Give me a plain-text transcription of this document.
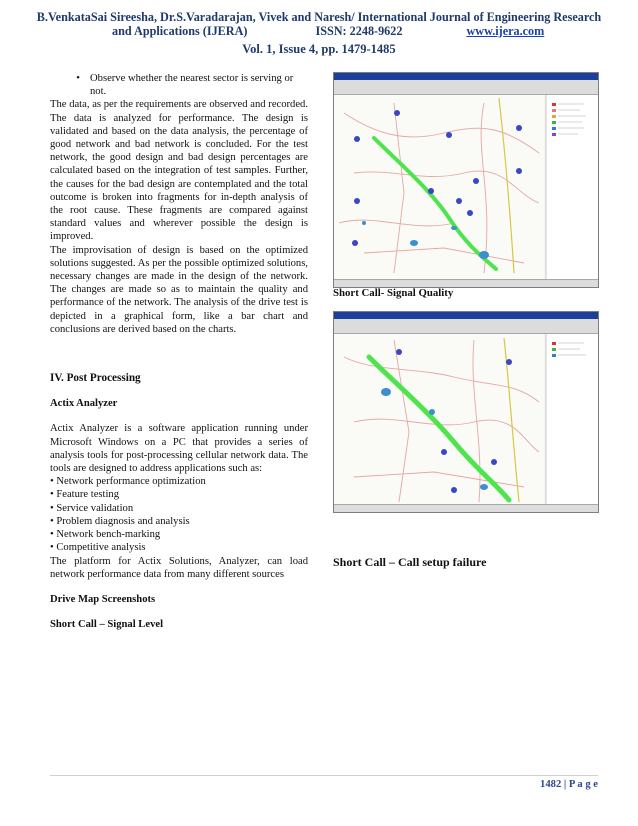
B.VenkataSai Sireesha, Dr.S.Varadarajan, Vivek and Naresh/ International Journal of Engineering Research
and Applications (IJERA)	ISSN: 2248-9622	www.ijera.com
Vol. 1, Issue 4, pp. 1479-1485
• Observe whether the nearest sector is serving or not.

The data, as per the requirements are observed and recorded. The data is analyzed for performance. The design is validated and based on the data analysis, the percentage of good network and bad network is concluded. For the test network, the good design and bad design percentages are calculated based on the integration of test samples. Further, the causes for the bad design are contemplated and the total outcome is broken into fragments for in-depth analysis of the root cause. These fragments are compared against standard values and wherever possible the design is improved.

The improvisation of design is based on the optimized solutions suggested. As per the possible optimized solutions, necessary changes are made in the design of the network. The changes are made so as to maintain the quality and performance of the network. The analysis of the drive test is depicted in a graphical form, like a bar chart and conclusions are derived based on the charts.

IV. Post Processing

Actix Analyzer

Actix Analyzer is a software application running under Microsoft Windows on a PC that provides a series of analysis tools for post-processing cellular network data. The tools are designed to address applications such as:

• Network performance optimization

• Feature testing

• Service validation

• Problem diagnosis and analysis

• Network bench-marking

• Competitive analysis

The platform for Actix Solutions, Analyzer, can load network performance data from many different sources

Drive Map Screenshots

Short Call – Signal Level

Short Call- Signal Quality
Short Call – Call setup failure
1482 | P a g e
